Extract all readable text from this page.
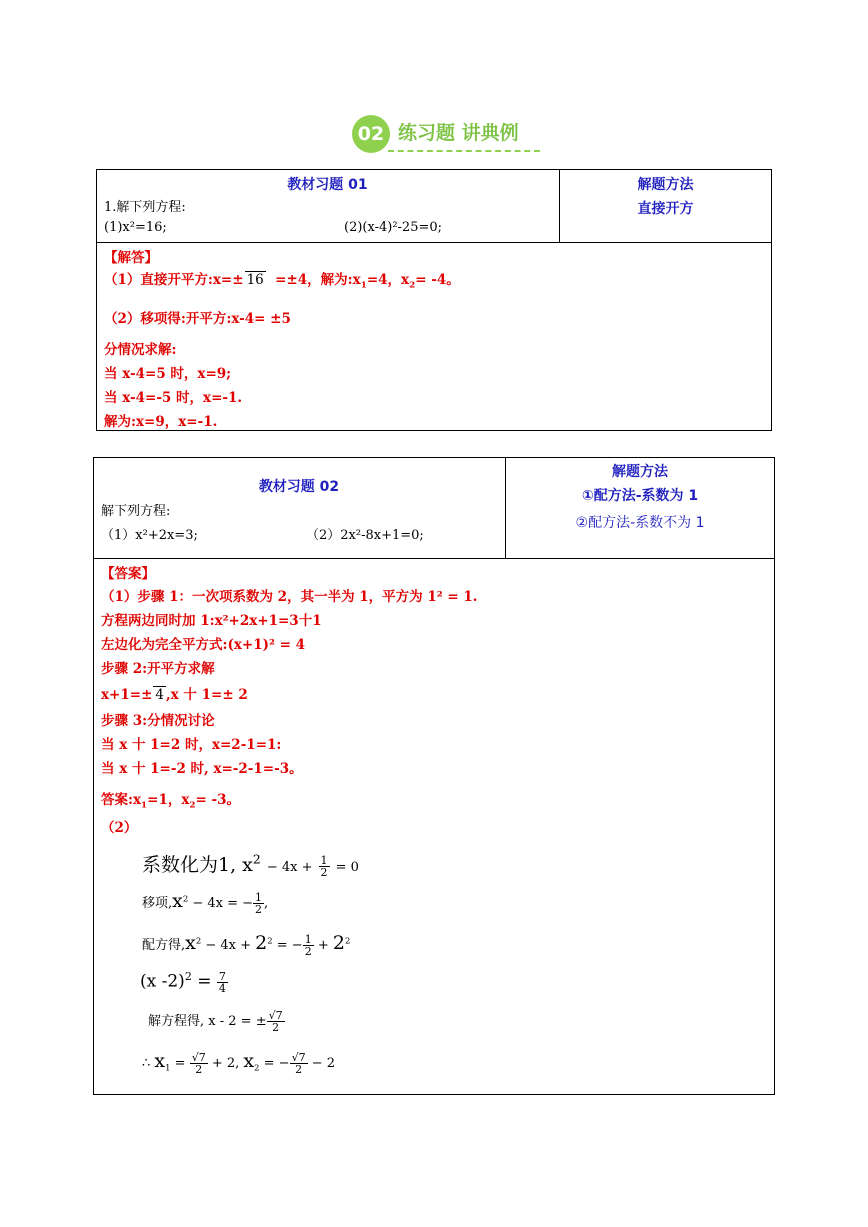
02 练习题 讲典例
教材习题 01
1.解下列方程:
(1)x²=16;	(2)(x-4)²-25=0;
解题方法
直接开方
【解答】
（1）直接开平方:x=± 16 =±4，解为$:x_1=4$，$x_2= -4$。
（2）移项得:开平方:x-4= ±5
分情况求解:
当 x-4=5 时，x=9;
当 x-4=-5 时，x=-1.
解为:x=9，x=-1.
教材习题 02
解下列方程:
（1）x²+2x=3;	（2）2x²-8x+1=0;
解题方法
①配方法-系数为 1
②配方法-系数不为 1
【答案】
（1）步骤 1：一次项系数为 2，其一半为 1，平方为 1² = 1.
方程两边同时加 1:x²+2x+1=3十1
左边化为完全平方式:(x+1)² = 4
步骤 2:开平方求解
x+1=± 4 ,x 十 1=± 2
步骤 3:分情况讨论
当 x 十 1=2 时，x=2-1=1:
当 x 十 1=-2 时, x=-2-1=-3。
答案$:x_1=1$，$x_2= -3$。
（2）
系数化为1, $x^2 - 4x + \frac{1}{2} = 0$
移项$,x^2 - 4x$ = − $\frac{1}{2}$ ,
配方得$,x^2 - 4x + 2^2$ = − $\frac{1}{2} + 2^2$
(x $-2)^2 = \frac{7}{4}$
解方程得, x - 2 = ± $\frac{√7}{2}$
∴ $x_1 = \frac{√7}{2} + 2$, $x_2$ = − $\frac{√7}{2} - 2$
